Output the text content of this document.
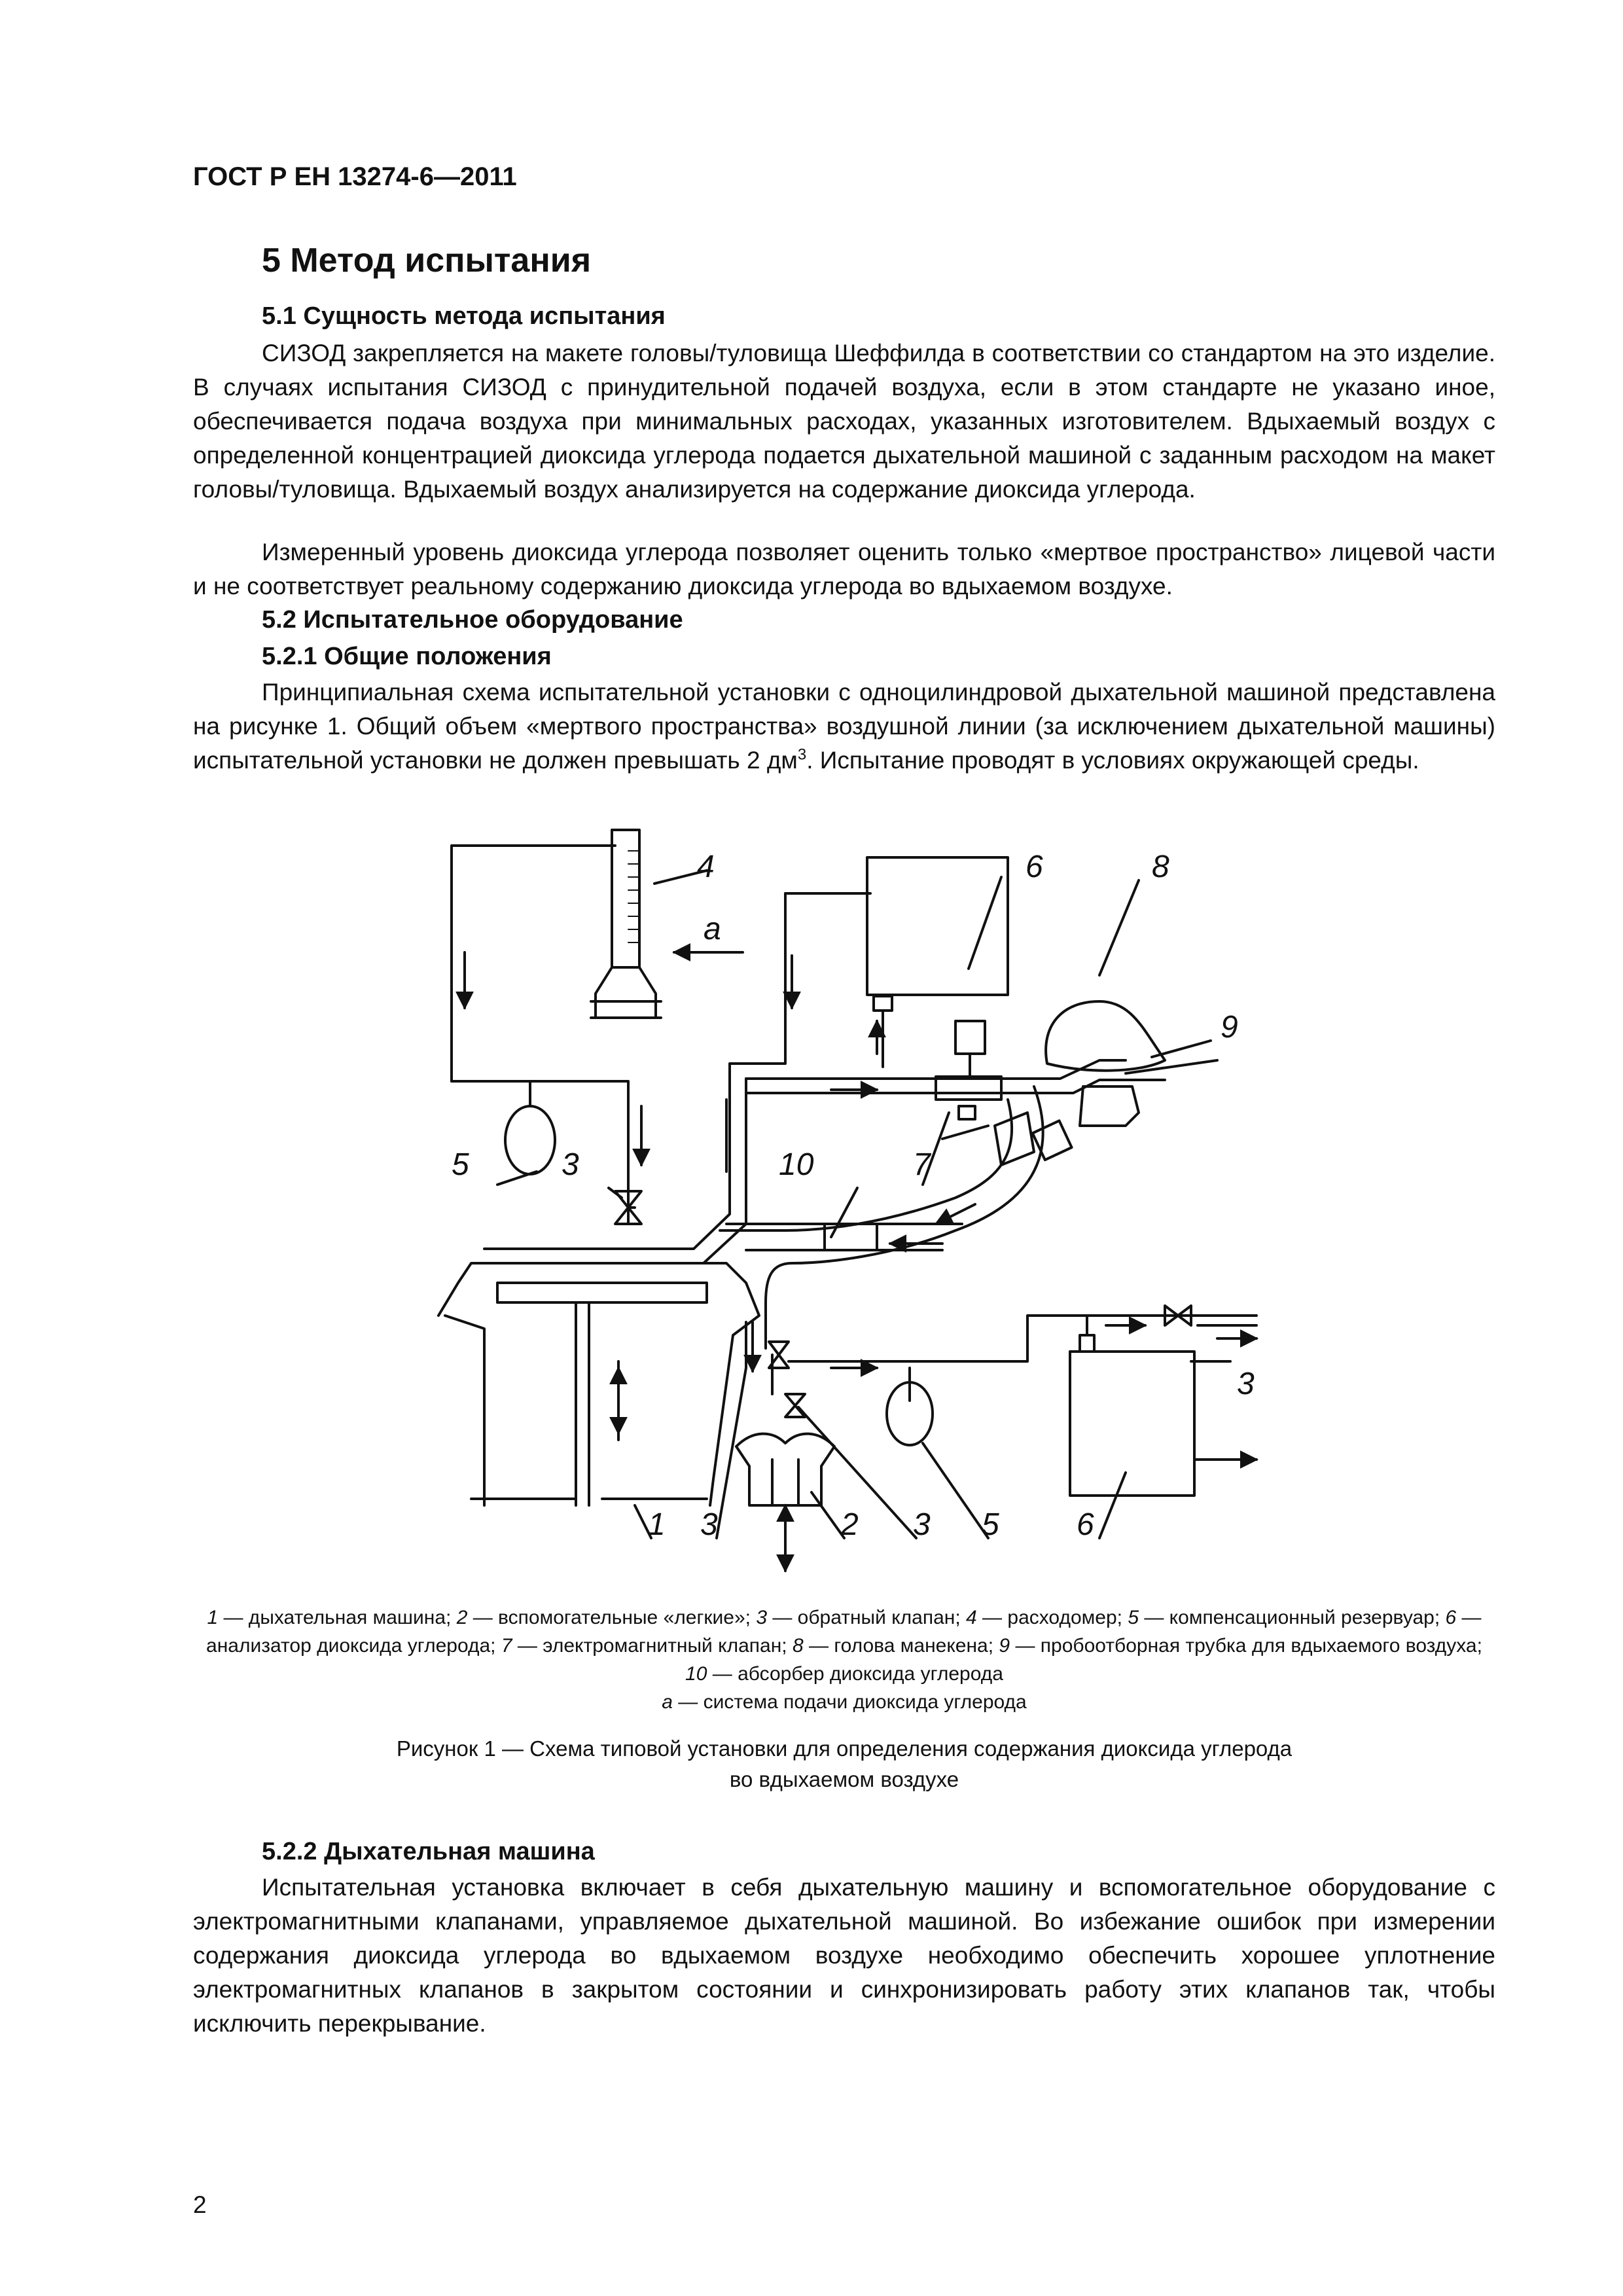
ГОСТ Р ЕН 13274-6—2011
5 Метод испытания
5.1 Сущность метода испытания

СИЗОД закрепляется на макете головы/туловища Шеффилда в соответствии со стандартом на это изделие. В случаях испытания СИЗОД с принудительной подачей воздуха, если в этом стандарте не указано иное, обеспечивается подача воздуха при минимальных расходах, указанных изготовителем. Вдыхаемый воздух с определенной концентрацией диоксида углерода подается дыхательной машиной с заданным расходом на макет головы/туловища. Вдыхаемый воздух анализируется на содержание диоксида углерода.

Измеренный уровень диоксида углерода позволяет оценить только «мертвое пространство» лицевой части и не соответствует реальному содержанию диоксида углерода во вдыхаемом воздухе.

5.2 Испытательное оборудование
5.2.1 Общие положения

Принципиальная схема испытательной установки с одноцилиндровой дыхательной машиной представлена на рисунке 1. Общий объем «мертвого пространства» воздушной линии (за исключением дыхательной машины) испытательной установки не должен превышать 2 $дм^3$. Испытание проводят в условиях окружающей среды.

4
a
6	8
9
5	3	10	7
3
1 3	2 3 5 6
1 — дыхательная машина; 2 — вспомогательные «легкие»; 3 — обратный клапан; 4 — расходомер; 5 — компенсационный резервуар; 6 — анализатор диоксида углерода; 7 — электромагнитный клапан; 8 — голова манекена; 9 — пробоотборная трубка для вдыхаемого воздуха; 10 — абсорбер диоксида углерода
а — система подачи диоксида углерода
Рисунок 1 — Схема типовой установки для определения содержания диоксида углерода
во вдыхаемом воздухе
5.2.2 Дыхательная машина

Испытательная установка включает в себя дыхательную машину и вспомогательное оборудование с электромагнитными клапанами, управляемое дыхательной машиной. Во избежание ошибок при измерении содержания диоксида углерода во вдыхаемом воздухе необходимо обеспечить хорошее уплотнение электромагнитных клапанов в закрытом состоянии и синхронизировать работу этих клапанов так, чтобы исключить перекрывание.

2
